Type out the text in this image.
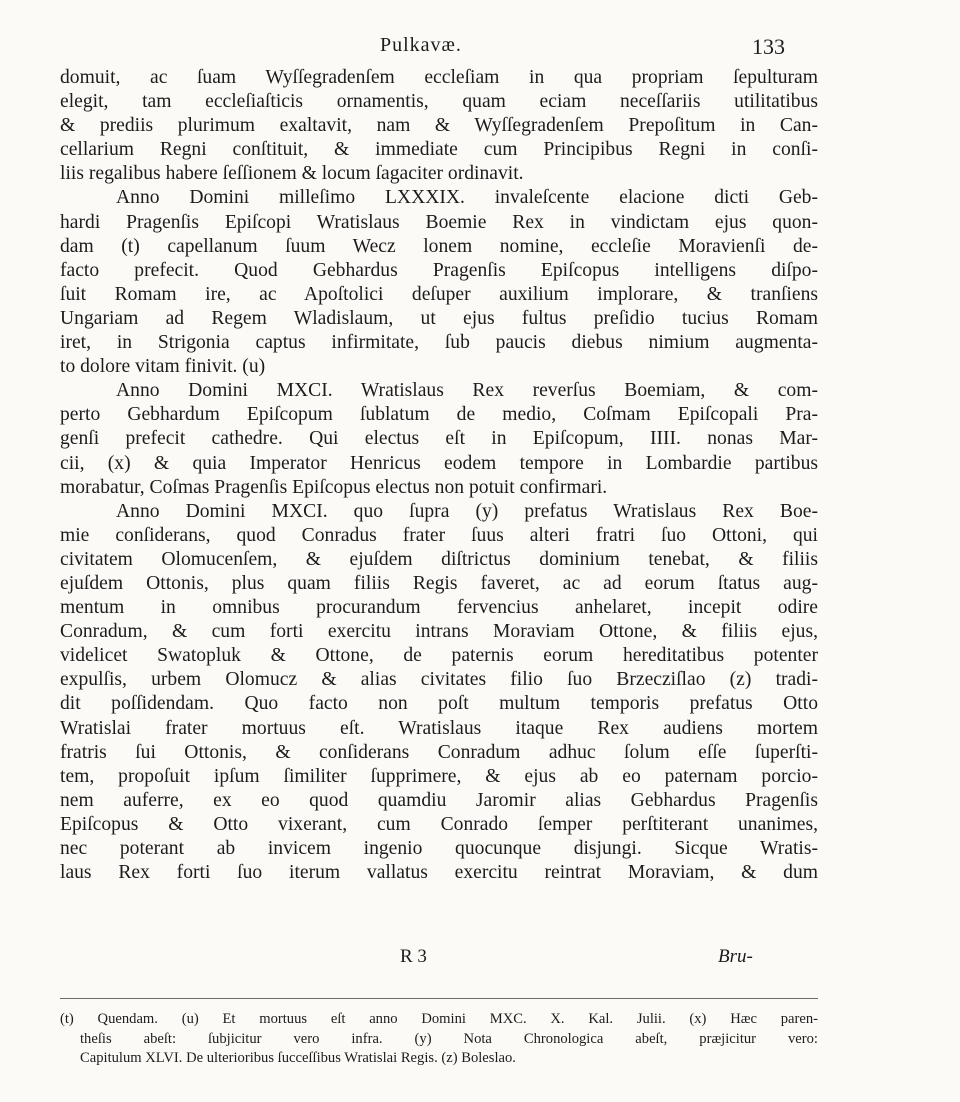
Pulkavæ.	133
domuit, ac ſuam Wyſſegradenſem eccleſiam in qua propriam ſepulturam
elegit, tam eccleſiaſticis ornamentis, quam eciam neceſſariis utilitatibus
& prediis plurimum exaltavit, nam & Wyſſegradenſem Prepoſitum in Can-
cellarium Regni conſtituit, & immediate cum Principibus Regni in conſi-
liis regalibus habere ſeſſionem & locum ſagaciter ordinavit.
Anno Domini milleſimo LXXXIX. invaleſcente elacione dicti Geb-
hardi Pragenſis Epiſcopi Wratislaus Boemie Rex in vindictam ejus quon-
dam (t) capellanum ſuum Wecz lonem nomine, eccleſie Moravienſi de-
facto prefecit. Quod Gebhardus Pragenſis Epiſcopus intelligens diſpo-
ſuit Romam ire, ac Apoſtolici deſuper auxilium implorare, & tranſiens
Ungariam ad Regem Wladislaum, ut ejus fultus preſidio tucius Romam
iret, in Strigonia captus infirmitate, ſub paucis diebus nimium augmenta-
to dolore vitam finivit. (u)
Anno Domini MXCI. Wratislaus Rex reverſus Boemiam, & com-
perto Gebhardum Epiſcopum ſublatum de medio, Coſmam Epiſcopali Pra-
genſi prefecit cathedre. Qui electus eſt in Epiſcopum, IIII. nonas Mar-
cii, (x) & quia Imperator Henricus eodem tempore in Lombardie partibus
morabatur, Coſmas Pragenſis Epiſcopus electus non potuit confirmari.
Anno Domini MXCI. quo ſupra (y) prefatus Wratislaus Rex Boe-
mie conſiderans, quod Conradus frater ſuus alteri fratri ſuo Ottoni, qui
civitatem Olomucenſem, & ejuſdem diſtrictus dominium tenebat, & filiis
ejuſdem Ottonis, plus quam filiis Regis faveret, ac ad eorum ſtatus aug-
mentum in omnibus procurandum fervencius anhelaret, incepit odire
Conradum, & cum forti exercitu intrans Moraviam Ottone, & filiis ejus,
videlicet Swatopluk & Ottone, de paternis eorum hereditatibus potenter
expulſis, urbem Olomucz & alias civitates filio ſuo Brzecziſlao (z) tradi-
dit poſſidendam. Quo facto non poſt multum temporis prefatus Otto
Wratislai frater mortuus eſt. Wratislaus itaque Rex audiens mortem
fratris ſui Ottonis, & conſiderans Conradum adhuc ſolum eſſe ſuperſti-
tem, propoſuit ipſum ſimiliter ſupprimere, & ejus ab eo paternam porcio-
nem auferre, ex eo quod quamdiu Jaromir alias Gebhardus Pragenſis
Epiſcopus & Otto vixerant, cum Conrado ſemper perſtiterant unanimes,
nec poterant ab invicem ingenio quocunque disjungi. Sicque Wratis-
laus Rex forti ſuo iterum vallatus exercitu reintrat Moraviam, & dum
R 3	Bru-
(t) Quendam. (u) Et mortuus eſt anno Domini MXC. X. Kal. Julii. (x) Hæc paren-
theſis abeſt: ſubjicitur vero infra. (y) Nota Chronologica abeſt, præjicitur vero:
Capitulum XLVI. De ulterioribus ſucceſſibus Wratislai Regis. (z) Boleslao.
